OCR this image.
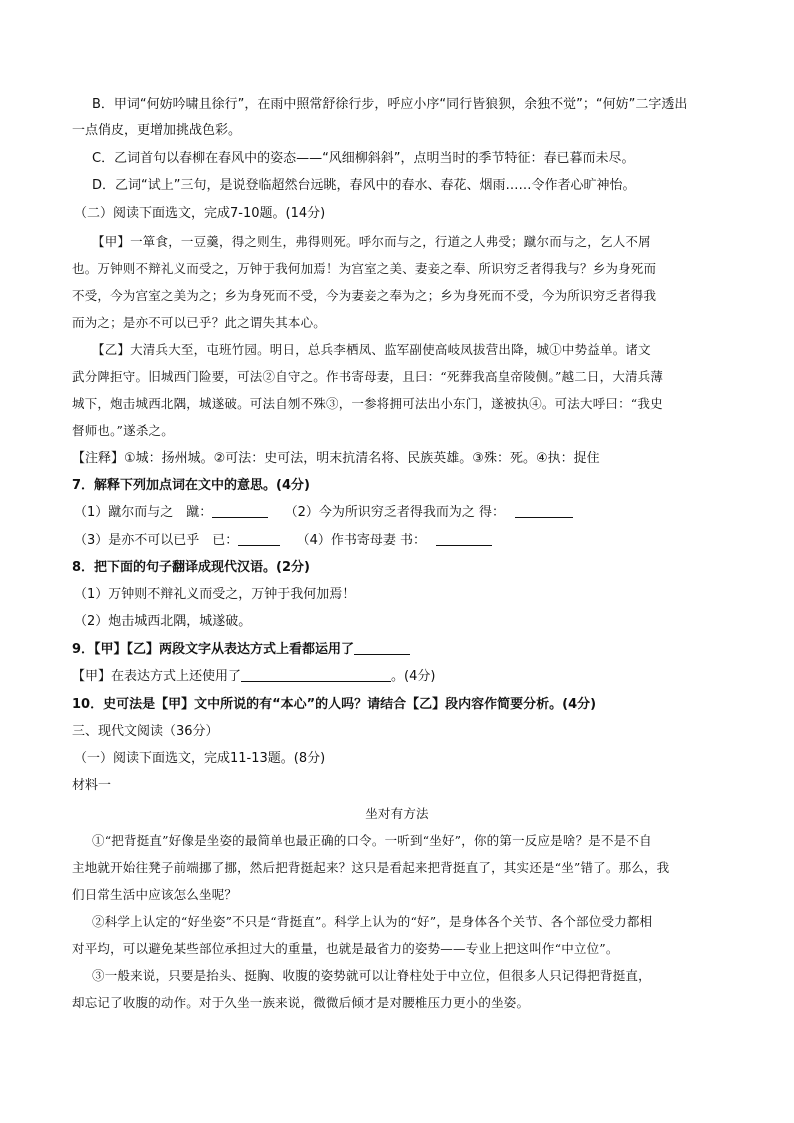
B．甲词“何妨吟啸且徐行”，在雨中照常舒徐行步，呼应小序“同行皆狼狈，余独不觉”；“何妨”二字透出
一点俏皮，更增加挑战色彩。
C．乙词首句以春柳在春风中的姿态——“风细柳斜斜”，点明当时的季节特征：春已暮而未尽。
D．乙词“试上”三句，是说登临超然台远眺，春风中的春水、春花、烟雨……令作者心旷神怡。
（二）阅读下面选文，完成7-10题。(14分)
【甲】一箪食，一豆羹，得之则生，弗得则死。呼尔而与之，行道之人弗受；蹴尔而与之，乞人不屑
也。万钟则不辩礼义而受之，万钟于我何加焉！为宫室之美、妻妾之奉、所识穷乏者得我与？乡为身死而
不受，今为宫室之美为之；乡为身死而不受，今为妻妾之奉为之；乡为身死而不受，今为所识穷乏者得我
而为之；是亦不可以已乎？此之谓失其本心。
【乙】大清兵大至，屯班竹园。明日，总兵李栖凤、监军副使高岐凤拔营出降，城①中势益单。诸文
武分陴拒守。旧城西门险要，可法②自守之。作书寄母妻，且曰：“死葬我高皇帝陵侧。”越二日，大清兵薄
城下，炮击城西北隅，城遂破。可法自刎不殊③，一参将拥可法出小东门，遂被执④。可法大呼曰：“我史
督师也。”遂杀之。
【注释】①城：扬州城。②可法：史可法，明末抗清名将、民族英雄。③殊：死。④执：捉住
7．解释下列加点词在文中的意思。(4分)
（1）蹴尔而与之　蹴：	（2）今为所识穷乏者得我而为之 得：
（3）是亦不可以已乎　已：	（4）作书寄母妻 书：
8．把下面的句子翻译成现代汉语。(2分)
（1）万钟则不辩礼义而受之，万钟于我何加焉！
（2）炮击城西北隅，城遂破。
9．【甲】【乙】两段文字从表达方式上看都运用了
【甲】在表达方式上还使用了	。(4分)
10．史可法是【甲】文中所说的有“本心”的人吗？请结合【乙】段内容作简要分析。(4分)
三、现代文阅读（36分）
（一）阅读下面选文，完成11-13题。(8分)
材料一
坐对有方法
①“把背挺直”好像是坐姿的最简单也最正确的口令。一听到“坐好”，你的第一反应是啥？是不是不自
主地就开始往凳子前端挪了挪，然后把背挺起来？这只是看起来把背挺直了，其实还是“坐”错了。那么，我
们日常生活中应该怎么坐呢？
②科学上认定的“好坐姿”不只是“背挺直”。科学上认为的“好”，是身体各个关节、各个部位受力都相
对平均，可以避免某些部位承担过大的重量，也就是最省力的姿势——专业上把这叫作“中立位”。
③一般来说，只要是抬头、挺胸、收腹的姿势就可以让脊柱处于中立位，但很多人只记得把背挺直，
却忘记了收腹的动作。对于久坐一族来说，微微后倾才是对腰椎压力更小的坐姿。
